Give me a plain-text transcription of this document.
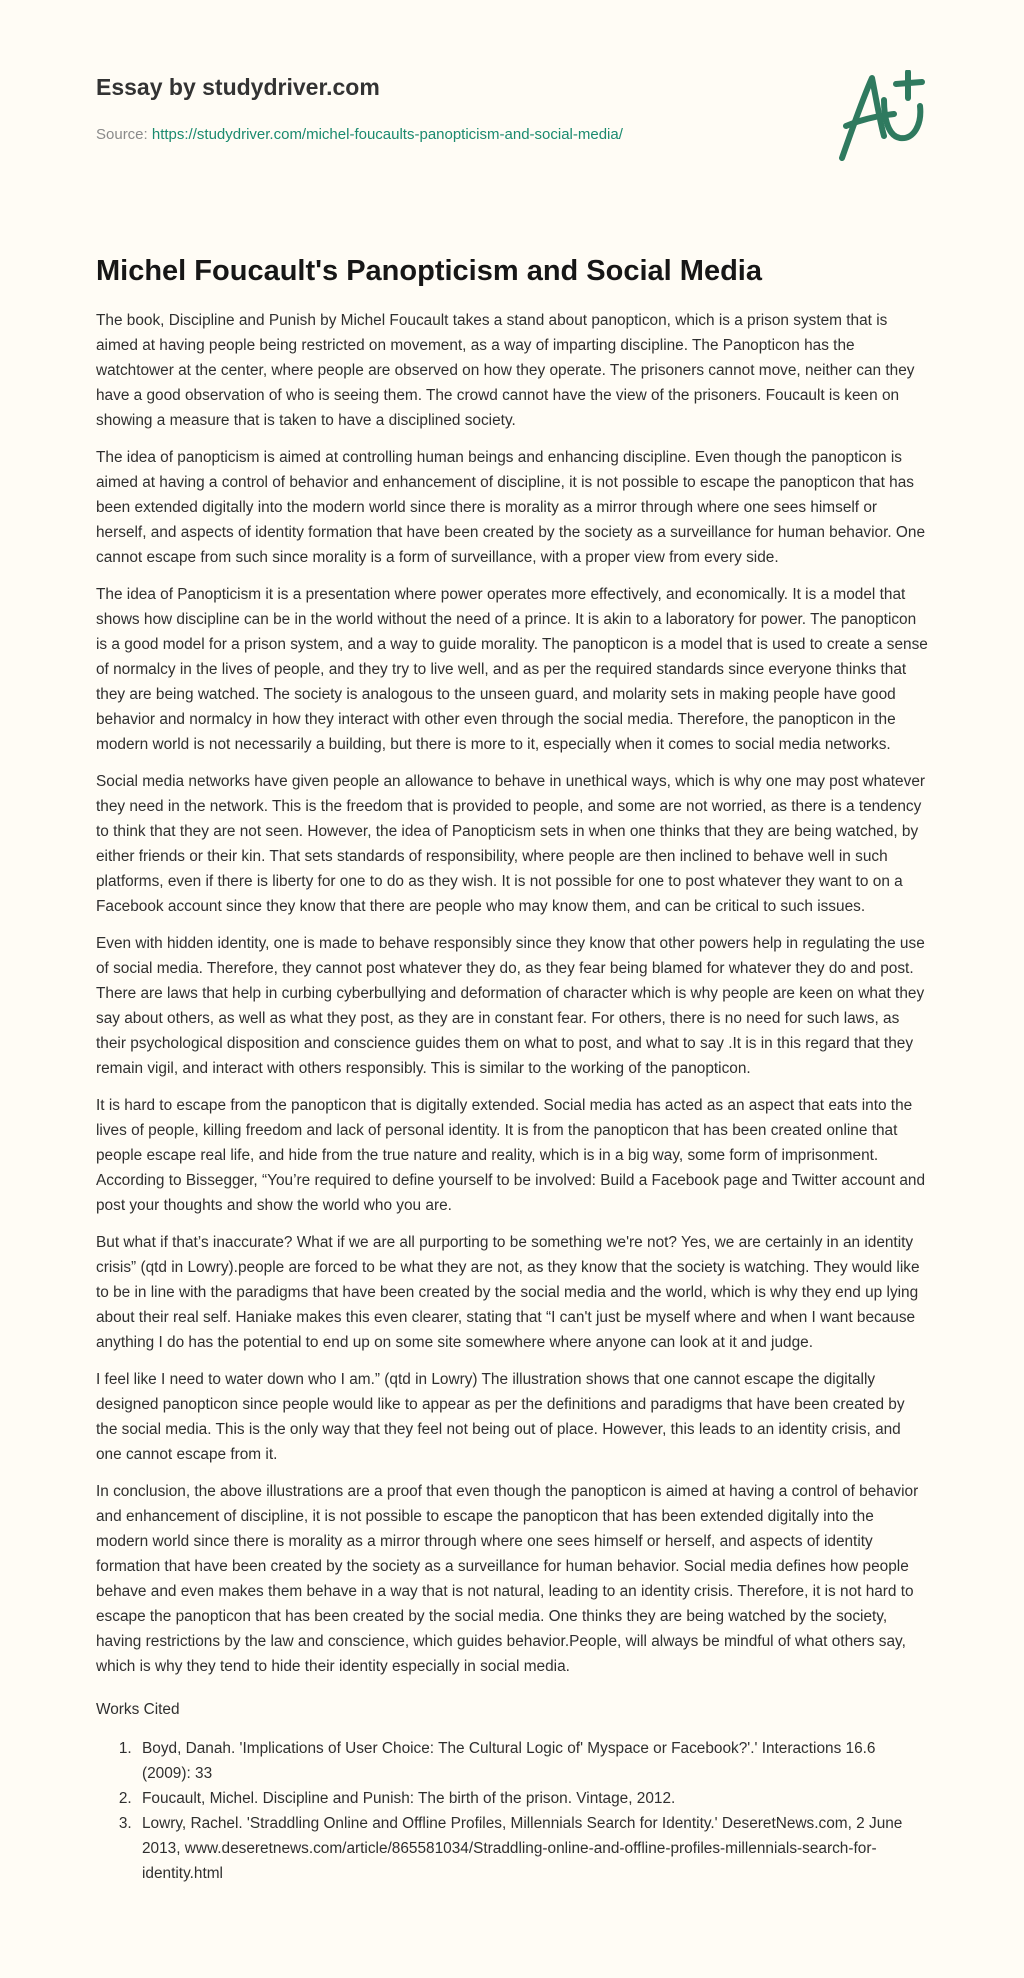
Essay by studydriver.com
Source: https://studydriver.com/michel-foucaults-panopticism-and-social-media/
Michel Foucault's Panopticism and Social Media

The book, Discipline and Punish by Michel Foucault takes a stand about panopticon, which is a prison system that is aimed at having people being restricted on movement, as a way of imparting discipline. The Panopticon has the watchtower at the center, where people are observed on how they operate. The prisoners cannot move, neither can they have a good observation of who is seeing them. The crowd cannot have the view of the prisoners. Foucault is keen on showing a measure that is taken to have a disciplined society.

The idea of panopticism is aimed at controlling human beings and enhancing discipline. Even though the panopticon is aimed at having a control of behavior and enhancement of discipline, it is not possible to escape the panopticon that has been extended digitally into the modern world since there is morality as a mirror through where one sees himself or herself, and aspects of identity formation that have been created by the society as a surveillance for human behavior. One cannot escape from such since morality is a form of surveillance, with a proper view from every side.

The idea of Panopticism it is a presentation where power operates more effectively, and economically. It is a model that shows how discipline can be in the world without the need of a prince. It is akin to a laboratory for power. The panopticon is a good model for a prison system, and a way to guide morality. The panopticon is a model that is used to create a sense of normalcy in the lives of people, and they try to live well, and as per the required standards since everyone thinks that they are being watched. The society is analogous to the unseen guard, and molarity sets in making people have good behavior and normalcy in how they interact with other even through the social media. Therefore, the panopticon in the modern world is not necessarily a building, but there is more to it, especially when it comes to social media networks.

Social media networks have given people an allowance to behave in unethical ways, which is why one may post whatever they need in the network. This is the freedom that is provided to people, and some are not worried, as there is a tendency to think that they are not seen. However, the idea of Panopticism sets in when one thinks that they are being watched, by either friends or their kin. That sets standards of responsibility, where people are then inclined to behave well in such platforms, even if there is liberty for one to do as they wish. It is not possible for one to post whatever they want to on a Facebook account since they know that there are people who may know them, and can be critical to such issues.

Even with hidden identity, one is made to behave responsibly since they know that other powers help in regulating the use of social media. Therefore, they cannot post whatever they do, as they fear being blamed for whatever they do and post. There are laws that help in curbing cyberbullying and deformation of character which is why people are keen on what they say about others, as well as what they post, as they are in constant fear. For others, there is no need for such laws, as their psychological disposition and conscience guides them on what to post, and what to say .It is in this regard that they remain vigil, and interact with others responsibly. This is similar to the working of the panopticon.

It is hard to escape from the panopticon that is digitally extended. Social media has acted as an aspect that eats into the lives of people, killing freedom and lack of personal identity. It is from the panopticon that has been created online that people escape real life, and hide from the true nature and reality, which is in a big way, some form of imprisonment. According to Bissegger, “You’re required to define yourself to be involved: Build a Facebook page and Twitter account and post your thoughts and show the world who you are.

But what if that’s inaccurate? What if we are all purporting to be something we're not? Yes, we are certainly in an identity crisis” (qtd in Lowry).people are forced to be what they are not, as they know that the society is watching. They would like to be in line with the paradigms that have been created by the social media and the world, which is why they end up lying about their real self. Haniake makes this even clearer, stating that “I can't just be myself where and when I want because anything I do has the potential to end up on some site somewhere where anyone can look at it and judge.

I feel like I need to water down who I am.” (qtd in Lowry) The illustration shows that one cannot escape the digitally designed panopticon since people would like to appear as per the definitions and paradigms that have been created by the social media. This is the only way that they feel not being out of place. However, this leads to an identity crisis, and one cannot escape from it.

In conclusion, the above illustrations are a proof that even though the panopticon is aimed at having a control of behavior and enhancement of discipline, it is not possible to escape the panopticon that has been extended digitally into the modern world since there is morality as a mirror through where one sees himself or herself, and aspects of identity formation that have been created by the society as a surveillance for human behavior. Social media defines how people behave and even makes them behave in a way that is not natural, leading to an identity crisis. Therefore, it is not hard to escape the panopticon that has been created by the social media. One thinks they are being watched by the society, having restrictions by the law and conscience, which guides behavior.People, will always be mindful of what others say, which is why they tend to hide their identity especially in social media.

Works Cited

1. Boyd, Danah. 'Implications of User Choice: The Cultural Logic of' Myspace or Facebook?'.' Interactions 16.6 (2009): 33
2. Foucault, Michel. Discipline and Punish: The birth of the prison. Vintage, 2012.
3. Lowry, Rachel. 'Straddling Online and Offline Profiles, Millennials Search for Identity.' DeseretNews.com, 2 June 2013, www.deseretnews.com/article/865581034/Straddling-online-and-offline-profiles-millennials-search-for-identity.html
